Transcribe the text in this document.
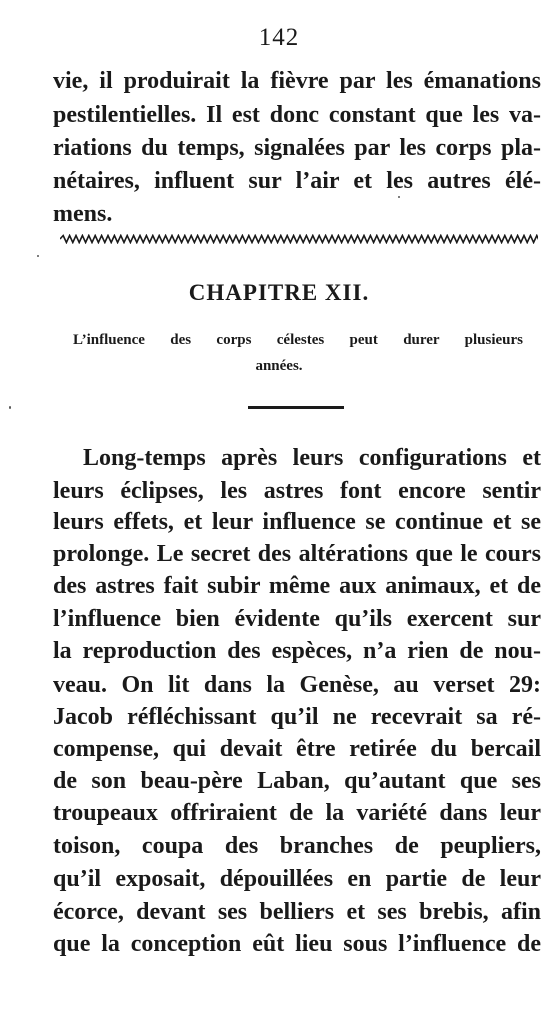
142
vie, il produirait la fièvre par les émanations
pestilentielles. Il est donc constant que les va-
riations du temps, signalées par les corps pla-
nétaires, influent sur l’air et les autres élé-
mens.
CHAPITRE XII.
L’influence des corps célestes peut durer plusieurs
années.
Long-temps après leurs configurations et
leurs éclipses, les astres font encore sentir
leurs effets, et leur influence se continue et se
prolonge. Le secret des altérations que le cours
des astres fait subir même aux animaux, et de
l’influence bien évidente qu’ils exercent sur
la reproduction des espèces, n’a rien de nou-
veau. On lit dans la Genèse, au verset 29:
Jacob réfléchissant qu’il ne recevrait sa ré-
compense, qui devait être retirée du bercail
de son beau-père Laban, qu’autant que ses
troupeaux offriraient de la variété dans leur
toison, coupa des branches de peupliers,
qu’il exposait, dépouillées en partie de leur
écorce, devant ses belliers et ses brebis, afin
que la conception eût lieu sous l’influence de
